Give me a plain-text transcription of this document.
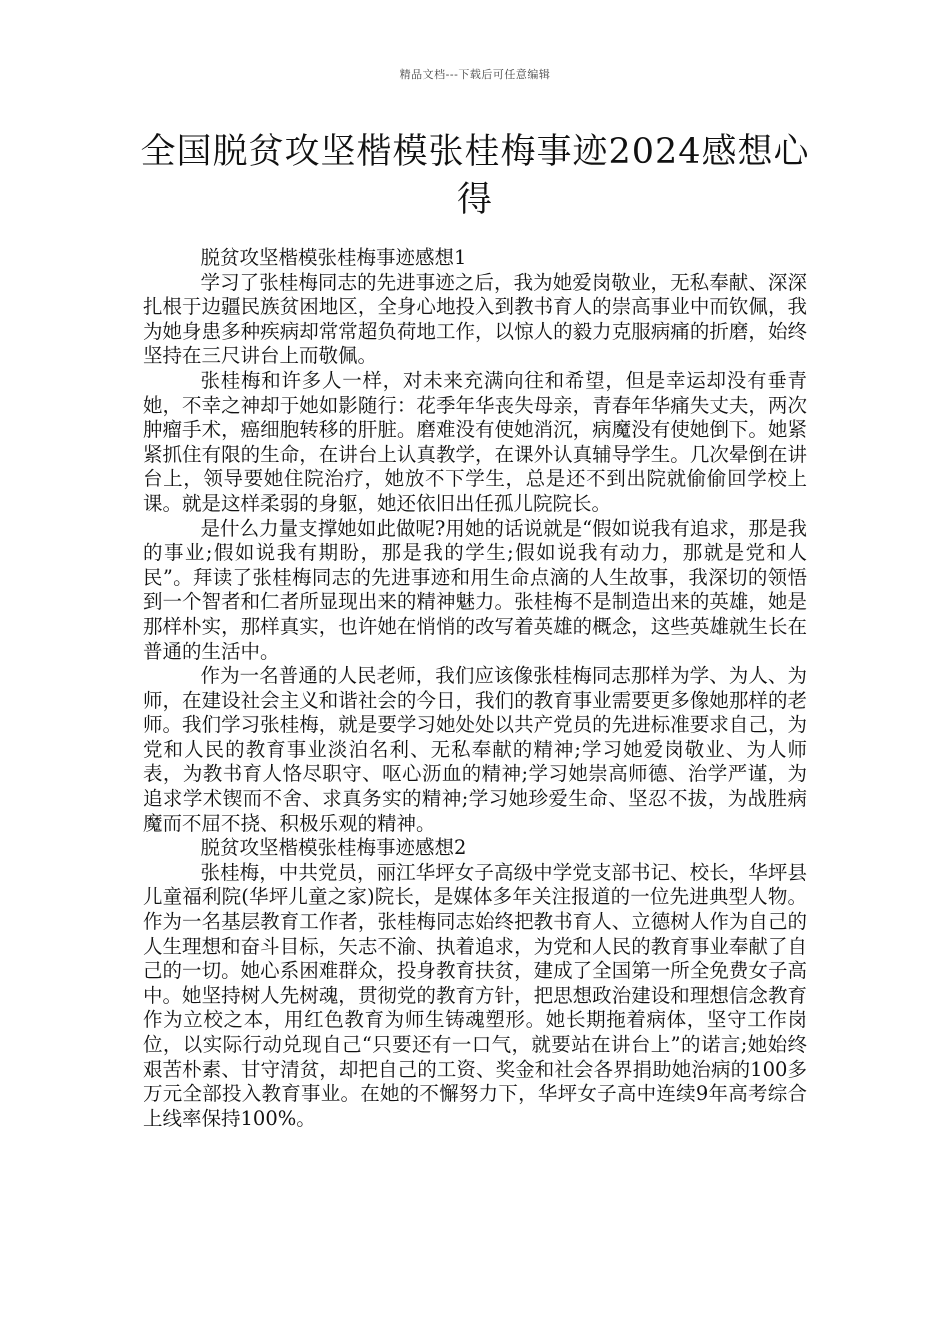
精品文档---下载后可任意编辑
全国脱贫攻坚楷模张桂梅事迹2024感想心得

脱贫攻坚楷模张桂梅事迹感想1

学习了张桂梅同志的先进事迹之后，我为她爱岗敬业，无私奉献、深深扎根于边疆民族贫困地区，全身心地投入到教书育人的崇高事业中而钦佩，我为她身患多种疾病却常常超负荷地工作，以惊人的毅力克服病痛的折磨，始终坚持在三尺讲台上而敬佩。

张桂梅和许多人一样，对未来充满向往和希望，但是幸运却没有垂青她，不幸之神却于她如影随行：花季年华丧失母亲，青春年华痛失丈夫，两次肿瘤手术，癌细胞转移的肝脏。磨难没有使她消沉，病魔没有使她倒下。她紧紧抓住有限的生命，在讲台上认真教学，在课外认真辅导学生。几次晕倒在讲台上，领导要她住院治疗，她放不下学生，总是还不到出院就偷偷回学校上课。就是这样柔弱的身躯，她还依旧出任孤儿院院长。

是什么力量支撑她如此做呢?用她的话说就是“假如说我有追求，那是我的事业;假如说我有期盼，那是我的学生;假如说我有动力，那就是党和人民”。拜读了张桂梅同志的先进事迹和用生命点滴的人生故事，我深切的领悟到一个智者和仁者所显现出来的精神魅力。张桂梅不是制造出来的英雄，她是那样朴实，那样真实，也许她在悄悄的改写着英雄的概念，这些英雄就生长在普通的生活中。

作为一名普通的人民老师，我们应该像张桂梅同志那样为学、为人、为师，在建设社会主义和谐社会的今日，我们的教育事业需要更多像她那样的老师。我们学习张桂梅，就是要学习她处处以共产党员的先进标准要求自己，为党和人民的教育事业淡泊名利、无私奉献的精神;学习她爱岗敬业、为人师表，为教书育人恪尽职守、呕心沥血的精神;学习她崇高师德、治学严谨，为追求学术锲而不舍、求真务实的精神;学习她珍爱生命、坚忍不拔，为战胜病魔而不屈不挠、积极乐观的精神。

脱贫攻坚楷模张桂梅事迹感想2

张桂梅，中共党员，丽江华坪女子高级中学党支部书记、校长，华坪县儿童福利院(华坪儿童之家)院长，是媒体多年关注报道的一位先进典型人物。作为一名基层教育工作者，张桂梅同志始终把教书育人、立德树人作为自己的人生理想和奋斗目标，矢志不渝、执着追求，为党和人民的教育事业奉献了自己的一切。她心系困难群众，投身教育扶贫，建成了全国第一所全免费女子高中。她坚持树人先树魂，贯彻党的教育方针，把思想政治建设和理想信念教育作为立校之本，用红色教育为师生铸魂塑形。她长期拖着病体，坚守工作岗位，以实际行动兑现自己“只要还有一口气，就要站在讲台上”的诺言;她始终艰苦朴素、甘守清贫，却把自己的工资、奖金和社会各界捐助她治病的100多万元全部投入教育事业。在她的不懈努力下，华坪女子高中连续9年高考综合上线率保持100%。
